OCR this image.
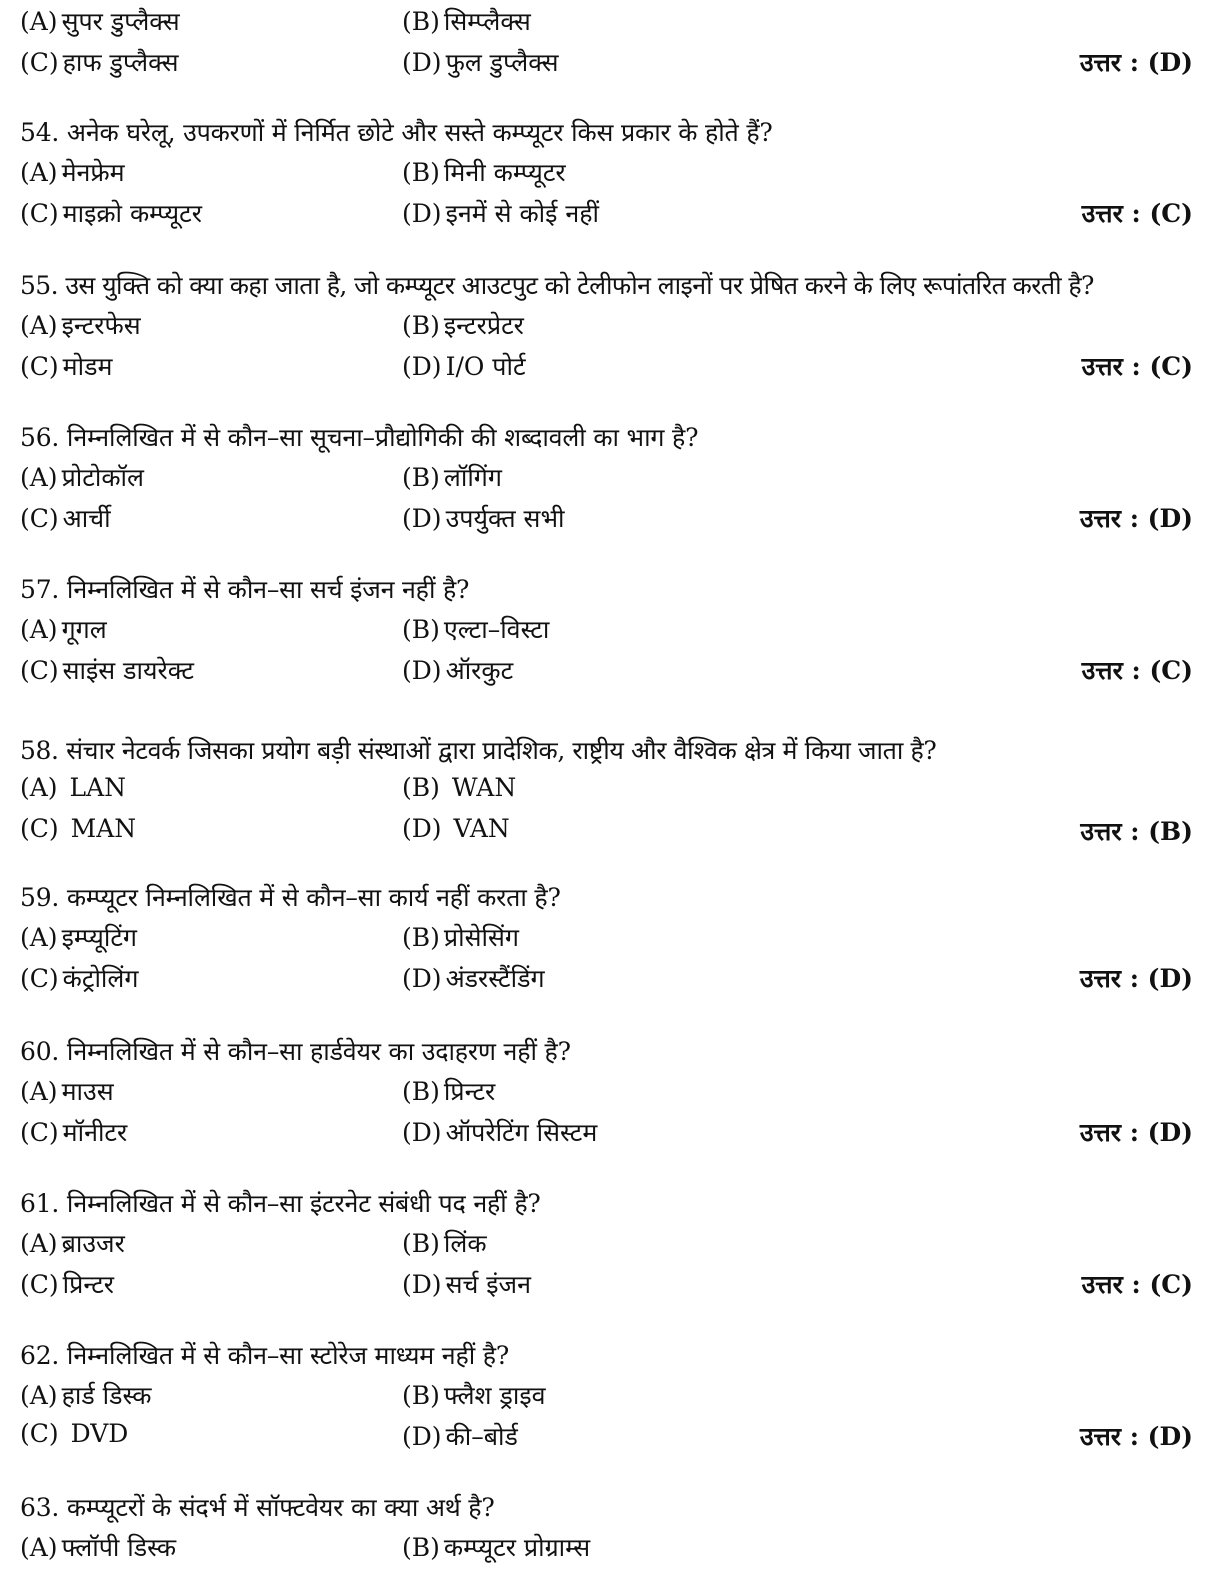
(A) सुपर डुप्लैक्स	(B) सिम्प्लैक्स
(C) हाफ डुप्लैक्स	(D) फुल डुप्लैक्स	उत्तर : (D)
54. अनेक घरेलू, उपकरणों में निर्मित छोटे और सस्ते कम्प्यूटर किस प्रकार के होते हैं?
(A) मेनफ्रेम	(B) मिनी कम्प्यूटर
(C) माइक्रो कम्प्यूटर	(D) इनमें से कोई नहीं	उत्तर : (C)
55. उस युक्ति को क्या कहा जाता है, जो कम्प्यूटर आउटपुट को टेलीफोन लाइनों पर प्रेषित करने के लिए रूपांतरित करती है?
(A) इन्टरफेस	(B) इन्टरप्रेटर
(C) मोडम	(D) I/O पोर्ट	उत्तर : (C)
56. निम्नलिखित में से कौन–सा सूचना–प्रौद्योगिकी की शब्दावली का भाग है?
(A) प्रोटोकॉल	(B) लॉगिंग
(C) आर्ची	(D) उपर्युक्त सभी	उत्तर : (D)
57. निम्नलिखित में से कौन–सा सर्च इंजन नहीं है?
(A) गूगल	(B) एल्टा–विस्टा
(C) साइंस डायरेक्ट	(D) ऑरकुट	उत्तर : (C)
58. संचार नेटवर्क जिसका प्रयोग बड़ी संस्थाओं द्वारा प्रादेशिक, राष्ट्रीय और वैश्विक क्षेत्र में किया जाता है?
(A) LAN	(B) WAN
(C) MAN	(D) VAN	उत्तर : (B)
59. कम्प्यूटर निम्नलिखित में से कौन–सा कार्य नहीं करता है?
(A) इम्प्यूटिंग	(B) प्रोसेसिंग
(C) कंट्रोलिंग	(D) अंडरस्टैंडिंग	उत्तर : (D)
60. निम्नलिखित में से कौन–सा हार्डवेयर का उदाहरण नहीं है?
(A) माउस	(B) प्रिन्टर
(C) मॉनीटर	(D) ऑपरेटिंग सिस्टम	उत्तर : (D)
61. निम्नलिखित में से कौन–सा इंटरनेट संबंधी पद नहीं है?
(A) ब्राउजर	(B) लिंक
(C) प्रिन्टर	(D) सर्च इंजन	उत्तर : (C)
62. निम्नलिखित में से कौन–सा स्टोरेज माध्यम नहीं है?
(A) हार्ड डिस्क	(B) फ्लैश ड्राइव
(C) DVD	(D) की–बोर्ड	उत्तर : (D)
63. कम्प्यूटरों के संदर्भ में सॉफ्टवेयर का क्या अर्थ है?
(A) फ्लॉपी डिस्क	(B) कम्प्यूटर प्रोग्राम्स
